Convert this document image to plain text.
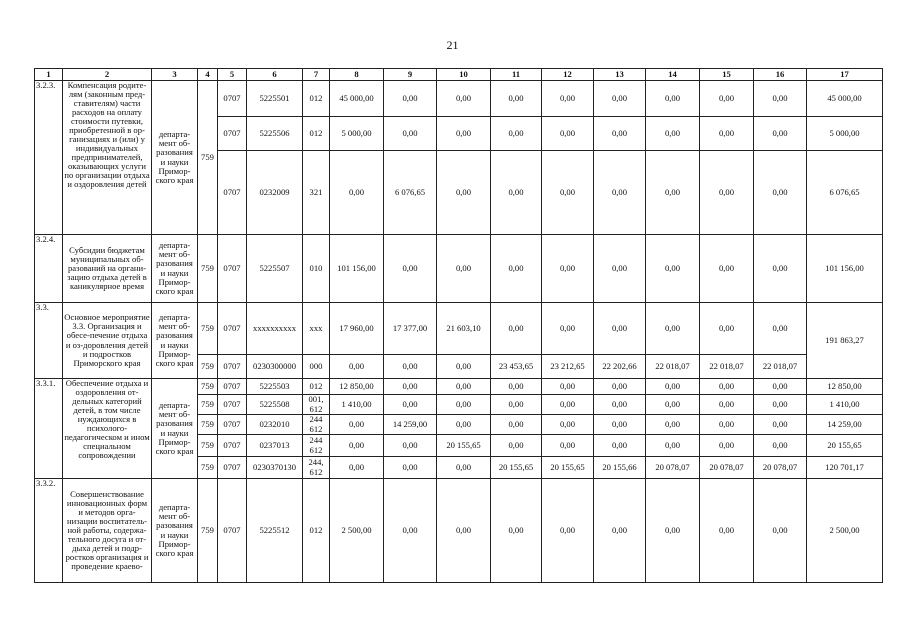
21
1	2	3	4	5	6	7	8	9	10	11	12	13	14	15	16	17
3.2.3.	Компенсация родите-лям (законным пред-ставителям) части расходов на оплату стоимости путевки, приобретенной в ор-ганизациях и (или) у индивидуальных предпринимателей, оказывающих услуги по организации отдыха и оздоровления детей	департа-мент об-разования и науки Примор-ского края	759	0707	5225501	012	45 000,00	0,00	0,00	0,00	0,00	0,00	0,00	0,00	0,00	45 000,00
				0707	5225506	012	5 000,00	0,00	0,00	0,00	0,00	0,00	0,00	0,00	0,00	5 000,00
				0707	0232009	321	0,00	6 076,65	0,00	0,00	0,00	0,00	0,00	0,00	0,00	6 076,65
3.2.4.	Субсидии бюджетам муниципальных об-разований на органи-зацию отдыха детей в каникулярное время	департа-мент об-разования и науки Примор-ского края	759	0707	5225507	010	101 156,00	0,00	0,00	0,00	0,00	0,00	0,00	0,00	0,00	101 156,00
3.3.	Основное мероприятие 3.3. Организация и обесе-печение отдыха и оз-доровления детей и подростков Приморского края	департа-мент об-разования и науки Примор-ского края	759	0707	xxxxxxxxxx	xxx	17 960,00	17 377,00	21 603,10	0,00	0,00	0,00	0,00	0,00	0,00	191 863,27
			759	0707	0230300000	000	0,00	0,00	0,00	23 453,65	23 212,65	22 202,66	22 018,07	22 018,07	22 018,07	
3.3.1.	Обеспечение отдыха и оздоровления от-дельных категорий детей, в том числе нуждающихся в психолого-педагогическом и ином специальном сопровождении	департа-мент об-разования и науки Примор-ского края	759	0707	5225503	012	12 850,00	0,00	0,00	0,00	0,00	0,00	0,00	0,00	0,00	12 850,00
			759	0707	5225508	001, 612	1 410,00	0,00	0,00	0,00	0,00	0,00	0,00	0,00	0,00	1 410,00
			759	0707	0232010	244 612	0,00	14 259,00	0,00	0,00	0,00	0,00	0,00	0,00	0,00	14 259,00
			759	0707	0237013	244 612	0,00	0,00	20 155,65	0,00	0,00	0,00	0,00	0,00	0,00	20 155,65
			759	0707	0230370130	244, 612	0,00	0,00	0,00	20 155,65	20 155,65	20 155,66	20 078,07	20 078,07	20 078,07	120 701,17
3.3.2.	Совершенствование инновационных форм и методов орга-низации воспитатель-ной работы, содержа-тельного досуга и от-дыха детей и подр-ростков организация и проведение краево-	департа-мент об-разования и науки Примор-ского края	759	0707	5225512	012	2 500,00	0,00	0,00	0,00	0,00	0,00	0,00	0,00	0,00	2 500,00
